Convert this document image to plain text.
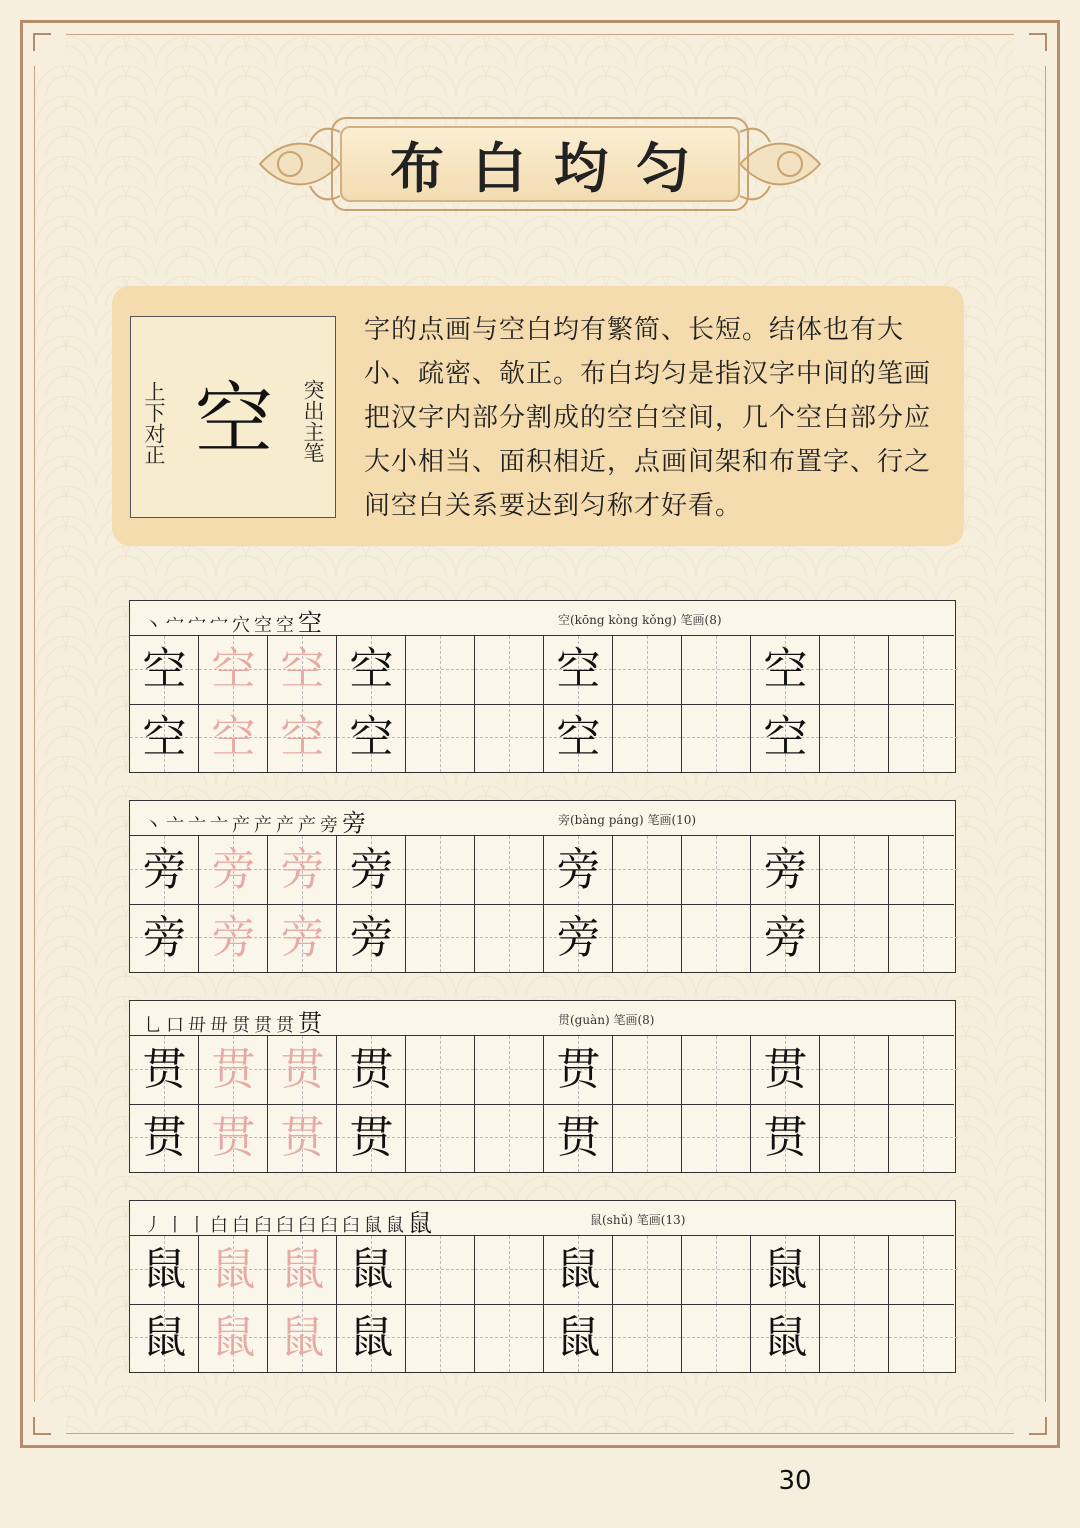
布白均匀
上下对正 空 突出主笔
字的点画与空白均有繁简、长短。结体也有大小、疏密、欹正。布白均匀是指汉字中间的笔画把汉字内部分割成的空白空间，几个空白部分应大小相当、面积相近，点画间架和布置字、行之间空白关系要达到匀称才好看。
丶 宀 宀 宀 穴 空 空 空	空(kōng kòng kǒng) 笔画(8)
空 空 空 空	空	空
空 空 空 空	空	空
丶 亠 亠 亠 产 产 产 产 旁 旁	旁(bàng páng) 笔画(10)
旁 旁 旁 旁	旁	旁
旁 旁 旁 旁	旁	旁
乚 口 毌 毌 贯 贯 贯 贯	贯(guàn) 笔画(8)
贯 贯 贯 贯	贯	贯
贯 贯 贯 贯	贯	贯
丿 丨 丨 白 白 臼 臼 臼 臼 臼 鼠 鼠 鼠	鼠(shǔ) 笔画(13)
鼠 鼠 鼠 鼠	鼠	鼠
鼠 鼠 鼠 鼠	鼠	鼠
30
